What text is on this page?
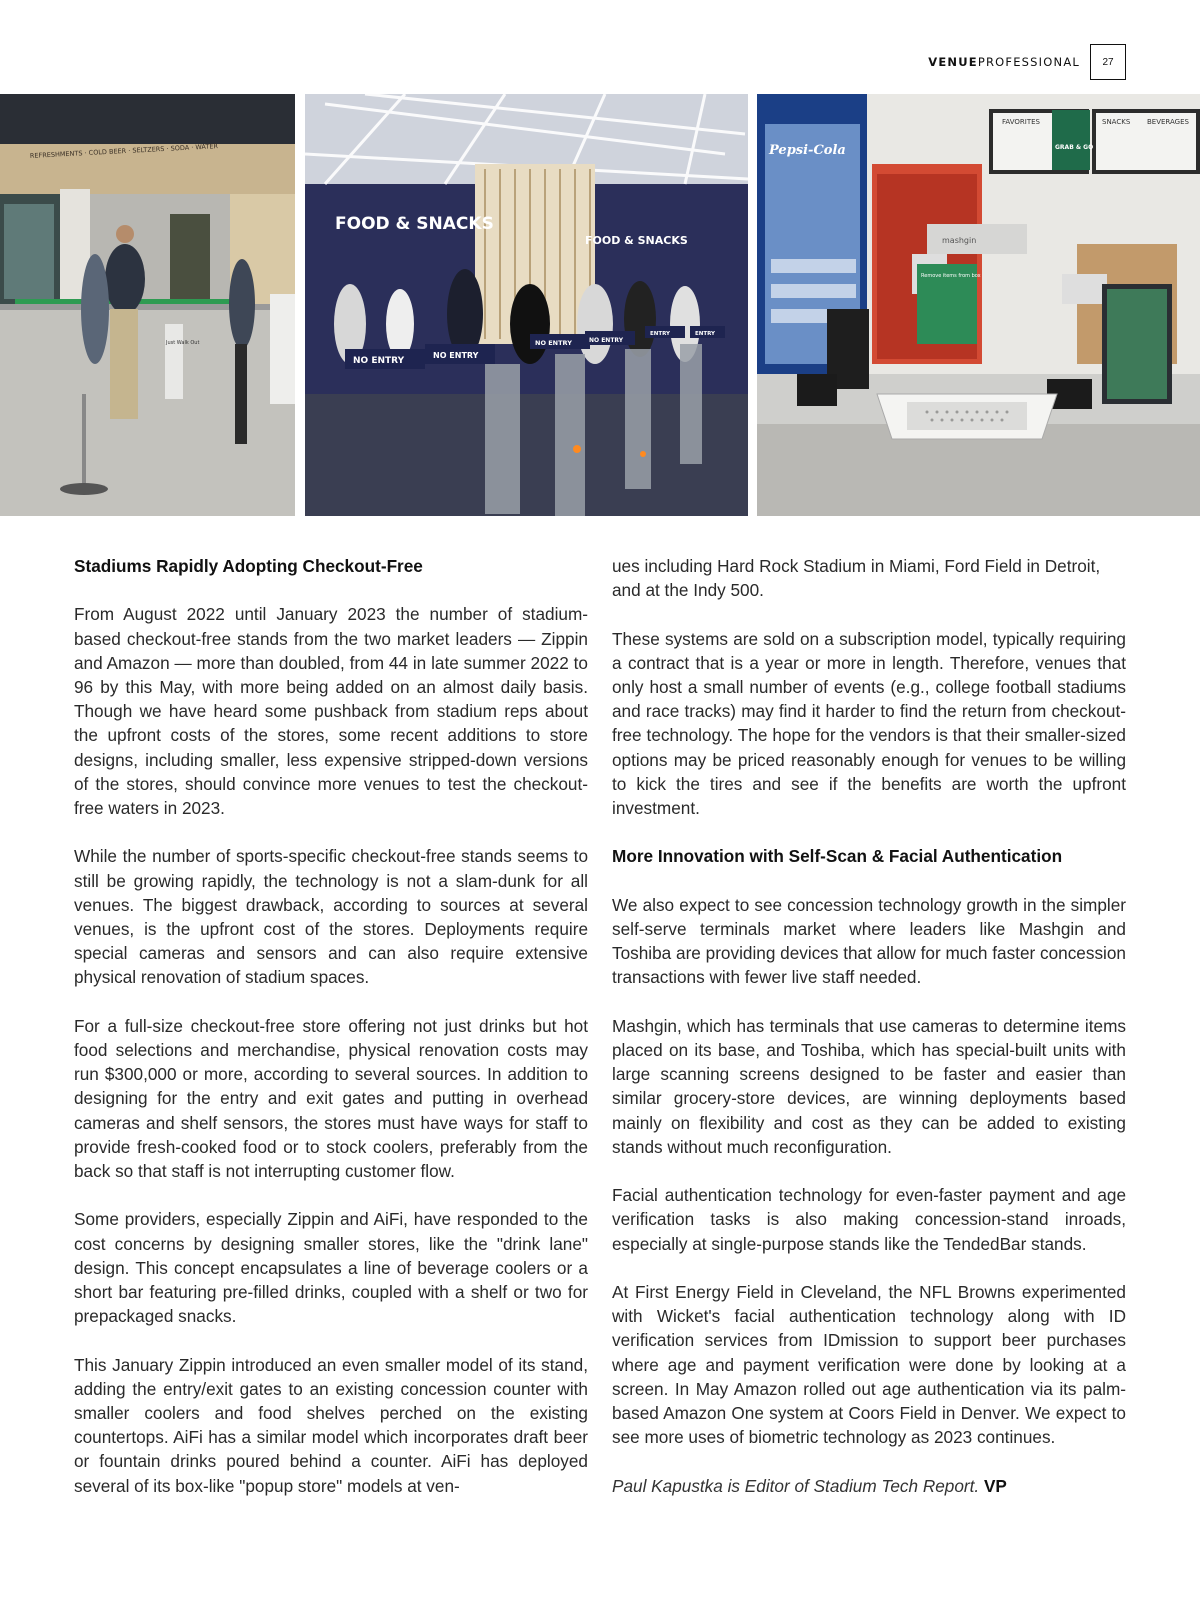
VENUEPROFESSIONAL	27
REFRESHMENTS · COLD BEER · SELTZERS · SODA · WATER
Just Walk Out
FOOD & SNACKS
FOOD & SNACKS
NO ENTRY
NO ENTRY
NO ENTRY	NO ENTRY
ENTRY	ENTRY
Pepsi-Cola
FAVORITES
GRAB & GO
SNACKS BEVERAGES
mashgin
Remove items from box

Stadiums Rapidly Adopting Checkout-Free

From August 2022 until January 2023 the number of stadium-based checkout-free stands from the two market leaders — Zippin and Amazon — more than doubled, from 44 in late summer 2022 to 96 by this May, with more being added on an almost daily basis. Though we have heard some pushback from stadium reps about the upfront costs of the stores, some recent additions to store designs, including smaller, less expensive stripped-down versions of the stores, should convince more venues to test the checkout-free waters in 2023.

While the number of sports-specific checkout-free stands seems to still be growing rapidly, the technology is not a slam-dunk for all venues. The biggest drawback, according to sources at several venues, is the upfront cost of the stores. Deployments require special cameras and sensors and can also require extensive physical renovation of stadium spaces.

For a full-size checkout-free store offering not just drinks but hot food selections and merchandise, physical renovation costs may run $300,000 or more, according to several sources. In addition to designing for the entry and exit gates and putting in overhead cameras and shelf sensors, the stores must have ways for staff to provide fresh-cooked food or to stock coolers, preferably from the back so that staff is not interrupting customer flow.

Some providers, especially Zippin and AiFi, have responded to the cost concerns by designing smaller stores, like the "drink lane" design. This concept encapsulates a line of beverage coolers or a short bar featuring pre-filled drinks, coupled with a shelf or two for prepackaged snacks.

This January Zippin introduced an even smaller model of its stand, adding the entry/exit gates to an existing concession counter with smaller coolers and food shelves perched on the existing countertops. AiFi has a similar model which incorporates draft beer or fountain drinks poured behind a counter. AiFi has deployed several of its box-like "popup store" models at ven-

ues including Hard Rock Stadium in Miami, Ford Field in Detroit, and at the Indy 500.

These systems are sold on a subscription model, typically requiring a contract that is a year or more in length. Therefore, venues that only host a small number of events (e.g., college football stadiums and race tracks) may find it harder to find the return from checkout-free technology. The hope for the vendors is that their smaller-sized options may be priced reasonably enough for venues to be willing to kick the tires and see if the benefits are worth the upfront investment.

More Innovation with Self-Scan & Facial Authentication

We also expect to see concession technology growth in the simpler self-serve terminals market where leaders like Mashgin and Toshiba are providing devices that allow for much faster concession transactions with fewer live staff needed.

Mashgin, which has terminals that use cameras to determine items placed on its base, and Toshiba, which has special-built units with large scanning screens designed to be faster and easier than similar grocery-store devices, are winning deployments based mainly on flexibility and cost as they can be added to existing stands without much reconfiguration.

Facial authentication technology for even-faster payment and age verification tasks is also making concession-stand inroads, especially at single-purpose stands like the TendedBar stands.

At First Energy Field in Cleveland, the NFL Browns experimented with Wicket's facial authentication technology along with ID verification services from IDmission to support beer purchases where age and payment verification were done by looking at a screen. In May Amazon rolled out age authentication via its palm-based Amazon One system at Coors Field in Denver. We expect to see more uses of biometric technology as 2023 continues.

Paul Kapustka is Editor of Stadium Tech Report. VP
